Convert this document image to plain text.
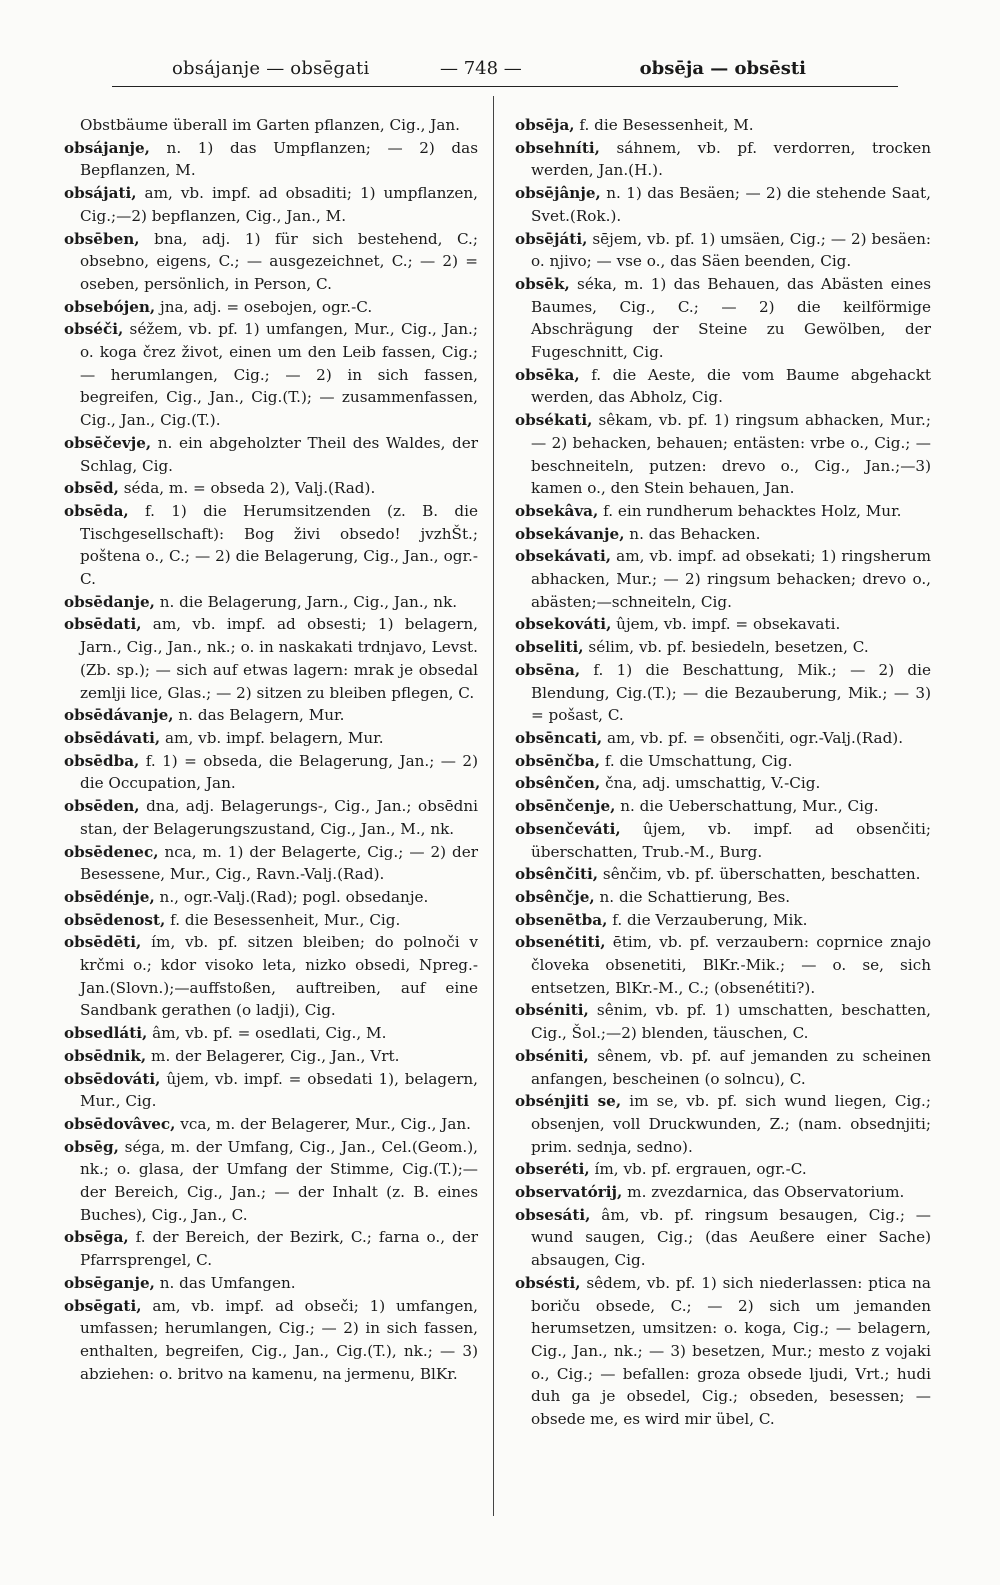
obsájanje — obsēgati	— 748 —	obsēja — obsēsti

Obstbäume überall im Garten pflanzen, Cig., Jan.

obsájanje, n. 1) das Umpflanzen; — 2) das Bepflanzen, M.

obsájati, am, vb. impf. ad obsaditi; 1) umpflanzen, Cig.;—2) bepflanzen, Cig., Jan., M.

obsēben, bna, adj. 1) für sich bestehend, C.; obsebno, eigens, C.; — ausgezeichnet, C.; — 2) = oseben, persönlich, in Person, C.

obsebójen, jna, adj. = osebojen, ogr.-C.

obséči, séžem, vb. pf. 1) umfangen, Mur., Cig., Jan.; o. koga črez život, einen um den Leib fassen, Cig.; — herumlangen, Cig.; — 2) in sich fassen, begreifen, Cig., Jan., Cig.(T.); — zusammenfassen, Cig., Jan., Cig.(T.).

obsēčevje, n. ein abgeholzter Theil des Waldes, der Schlag, Cig.

obsēd, séda, m. = obseda 2), Valj.(Rad).

obsēda, f. 1) die Herumsitzenden (z. B. die Tischgesellschaft): Bog živi obsedo! jvzhŠt.; poštena o., C.; — 2) die Belagerung, Cig., Jan., ogr.-C.

obsēdanje, n. die Belagerung, Jarn., Cig., Jan., nk.

obsēdati, am, vb. impf. ad obsesti; 1) belagern, Jarn., Cig., Jan., nk.; o. in naskakati trdnjavo, Levst.(Zb. sp.); — sich auf etwas lagern: mrak je obsedal zemlji lice, Glas.; — 2) sitzen zu bleiben pflegen, C.

obsēdávanje, n. das Belagern, Mur.

obsēdávati, am, vb. impf. belagern, Mur.

obsēdba, f. 1) = obseda, die Belagerung, Jan.; — 2) die Occupation, Jan.

obsēden, dna, adj. Belagerungs-, Cig., Jan.; obsēdni stan, der Belagerungszustand, Cig., Jan., M., nk.

obsēdenec, nca, m. 1) der Belagerte, Cig.; — 2) der Besessene, Mur., Cig., Ravn.-Valj.(Rad).

obsēdénje, n., ogr.-Valj.(Rad); pogl. obsedanje.

obsēdenost, f. die Besessenheit, Mur., Cig.

obsēdēti, ím, vb. pf. sitzen bleiben; do polnoči v krčmi o.; kdor visoko leta, nizko obsedi, Npreg.-Jan.(Slovn.);—auffstoßen, auftreiben, auf eine Sandbank gerathen (o ladji), Cig.

obsedláti, âm, vb. pf. = osedlati, Cig., M.

obsēdnik, m. der Belagerer, Cig., Jan., Vrt.

obsēdováti, ûjem, vb. impf. = obsedati 1), belagern, Mur., Cig.

obsēdovâvec, vca, m. der Belagerer, Mur., Cig., Jan.

obsēg, séga, m. der Umfang, Cig., Jan., Cel.(Geom.), nk.; o. glasa, der Umfang der Stimme, Cig.(T.);—der Bereich, Cig., Jan.; — der Inhalt (z. B. eines Buches), Cig., Jan., C.

obsēga, f. der Bereich, der Bezirk, C.; farna o., der Pfarrsprengel, C.

obsēganje, n. das Umfangen.

obsēgati, am, vb. impf. ad obseči; 1) umfangen, umfassen; herumlangen, Cig.; — 2) in sich fassen, enthalten, begreifen, Cig., Jan., Cig.(T.), nk.; — 3) abziehen: o. britvo na kamenu, na jermenu, BlKr.

obsēja, f. die Besessenheit, M.

obsehníti, sáhnem, vb. pf. verdorren, trocken werden, Jan.(H.).

obsējânje, n. 1) das Besäen; — 2) die stehende Saat, Svet.(Rok.).

obsējáti, sējem, vb. pf. 1) umsäen, Cig.; — 2) besäen: o. njivo; — vse o., das Säen beenden, Cig.

obsēk, séka, m. 1) das Behauen, das Abästen eines Baumes, Cig., C.; — 2) die keilförmige Abschrägung der Steine zu Gewölben, der Fugeschnitt, Cig.

obsēka, f. die Aeste, die vom Baume abgehackt werden, das Abholz, Cig.

obsékati, sêkam, vb. pf. 1) ringsum abhacken, Mur.; — 2) behacken, behauen; entästen: vrbe o., Cig.; — beschneiteln, putzen: drevo o., Cig., Jan.;—3) kamen o., den Stein behauen, Jan.

obsekâva, f. ein rundherum behacktes Holz, Mur.

obsekávanje, n. das Behacken.

obsekávati, am, vb. impf. ad obsekati; 1) ringsherum abhacken, Mur.; — 2) ringsum behacken; drevo o., abästen;—schneiteln, Cig.

obsekováti, ûjem, vb. impf. = obsekavati.

obseliti, sélim, vb. pf. besiedeln, besetzen, C.

obsēna, f. 1) die Beschattung, Mik.; — 2) die Blendung, Cig.(T.); — die Bezauberung, Mik.; — 3) = pošast, C.

obsēncati, am, vb. pf. = obsenčiti, ogr.-Valj.(Rad).

obsēnčba, f. die Umschattung, Cig.

obsênčen, čna, adj. umschattig, V.-Cig.

obsēnčenje, n. die Ueberschattung, Mur., Cig.

obsenčeváti, ûjem, vb. impf. ad obsenčiti; überschatten, Trub.-M., Burg.

obsênčiti, sênčim, vb. pf. überschatten, beschatten.

obsênčje, n. die Schattierung, Bes.

obsenētba, f. die Verzauberung, Mik.

obsenétiti, ētim, vb. pf. verzaubern: coprnice znajo človeka obsenetiti, BlKr.-Mik.; — o. se, sich entsetzen, BlKr.-M., C.; (obsenétiti?).

obséniti, sênim, vb. pf. 1) umschatten, beschatten, Cig., Šol.;—2) blenden, täuschen, C.

obséniti, sênem, vb. pf. auf jemanden zu scheinen anfangen, bescheinen (o solncu), C.

obsénjiti se, im se, vb. pf. sich wund liegen, Cig.; obsenjen, voll Druckwunden, Z.; (nam. obsednjiti; prim. sednja, sedno).

obseréti, ím, vb. pf. ergrauen, ogr.-C.

observatórij, m. zvezdarnica, das Observatorium.

obsesáti, âm, vb. pf. ringsum besaugen, Cig.; — wund saugen, Cig.; (das Aeußere einer Sache) absaugen, Cig.

obsésti, sêdem, vb. pf. 1) sich niederlassen: ptica na boriču obsede, C.; — 2) sich um jemanden herumsetzen, umsitzen: o. koga, Cig.; — belagern, Cig., Jan., nk.; — 3) besetzen, Mur.; mesto z vojaki o., Cig.; — befallen: groza obsede ljudi, Vrt.; hudi duh ga je obsedel, Cig.; obseden, besessen; — obsede me, es wird mir übel, C.
